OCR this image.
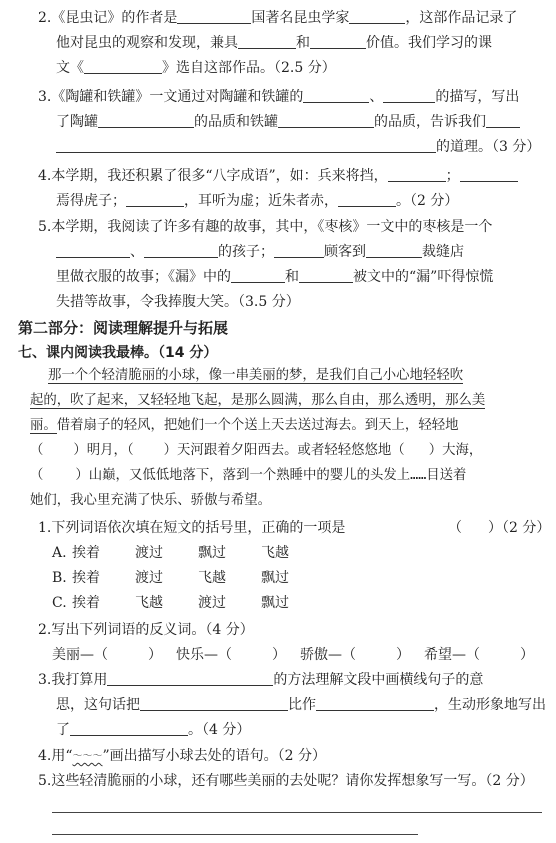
2.《昆虫记》的作者是	国著名昆虫学家	，这部作品记录了
他对昆虫的观察和发现，兼具	和	价值。我们学习的课
文《	》选自这部作品。（2.5 分）
3.《陶罐和铁罐》一文通过对陶罐和铁罐的	、	的描写，写出
了陶罐	的品质和铁罐	的品质，告诉我们
的道理。（3 分）
4.本学期，我还积累了很多“八字成语”，如：兵来将挡，	；
焉得虎子；	，耳听为虚；近朱者赤，	。（2 分）
5.本学期，我阅读了许多有趣的故事，其中，《枣核》一文中的枣核是一个
、	的孩子；	顾客到	裁缝店
里做衣服的故事；《漏》中的	和	被文中的“漏”吓得惊慌
失措等故事，令我捧腹大笑。（3.5 分）
第二部分：阅读理解提升与拓展
七、课内阅读我最棒。（14 分）
那一个个轻清脆丽的小球，像一串美丽的梦，是我们自己小心地轻轻吹
起的，吹了起来，又轻轻地飞起，是那么圆满，那么自由，那么透明，那么美
丽。借着扇子的轻风，把她们一个个送上天去送过海去。到天上，轻轻地
（ ）明月，（ ）天河跟着夕阳西去。或者轻轻悠悠地（ ）大海，
（ ）山巅，又低低地落下，落到一个熟睡中的婴儿的头发上……目送着
她们，我心里充满了快乐、骄傲与希望。
1.下列词语依次填在短文的括号里，正确的一项是	（ ）（2 分）
A. 挨着	渡过	飘过	飞越
B. 挨着	渡过	飞越	飘过
C. 挨着	飞越	渡过	飘过
2.写出下列词语的反义词。（4 分）
美丽—（	） 快乐—（	） 骄傲—（	） 希望—（	）
3.我打算用	的方法理解文段中画横线句子的意
思，这句话把	比作	，生动形象地写出
了	。（4 分）
4.用“～～～”画出描写小球去处的语句。（2 分）
5.这些轻清脆丽的小球，还有哪些美丽的去处呢？请你发挥想象写一写。（2 分）
